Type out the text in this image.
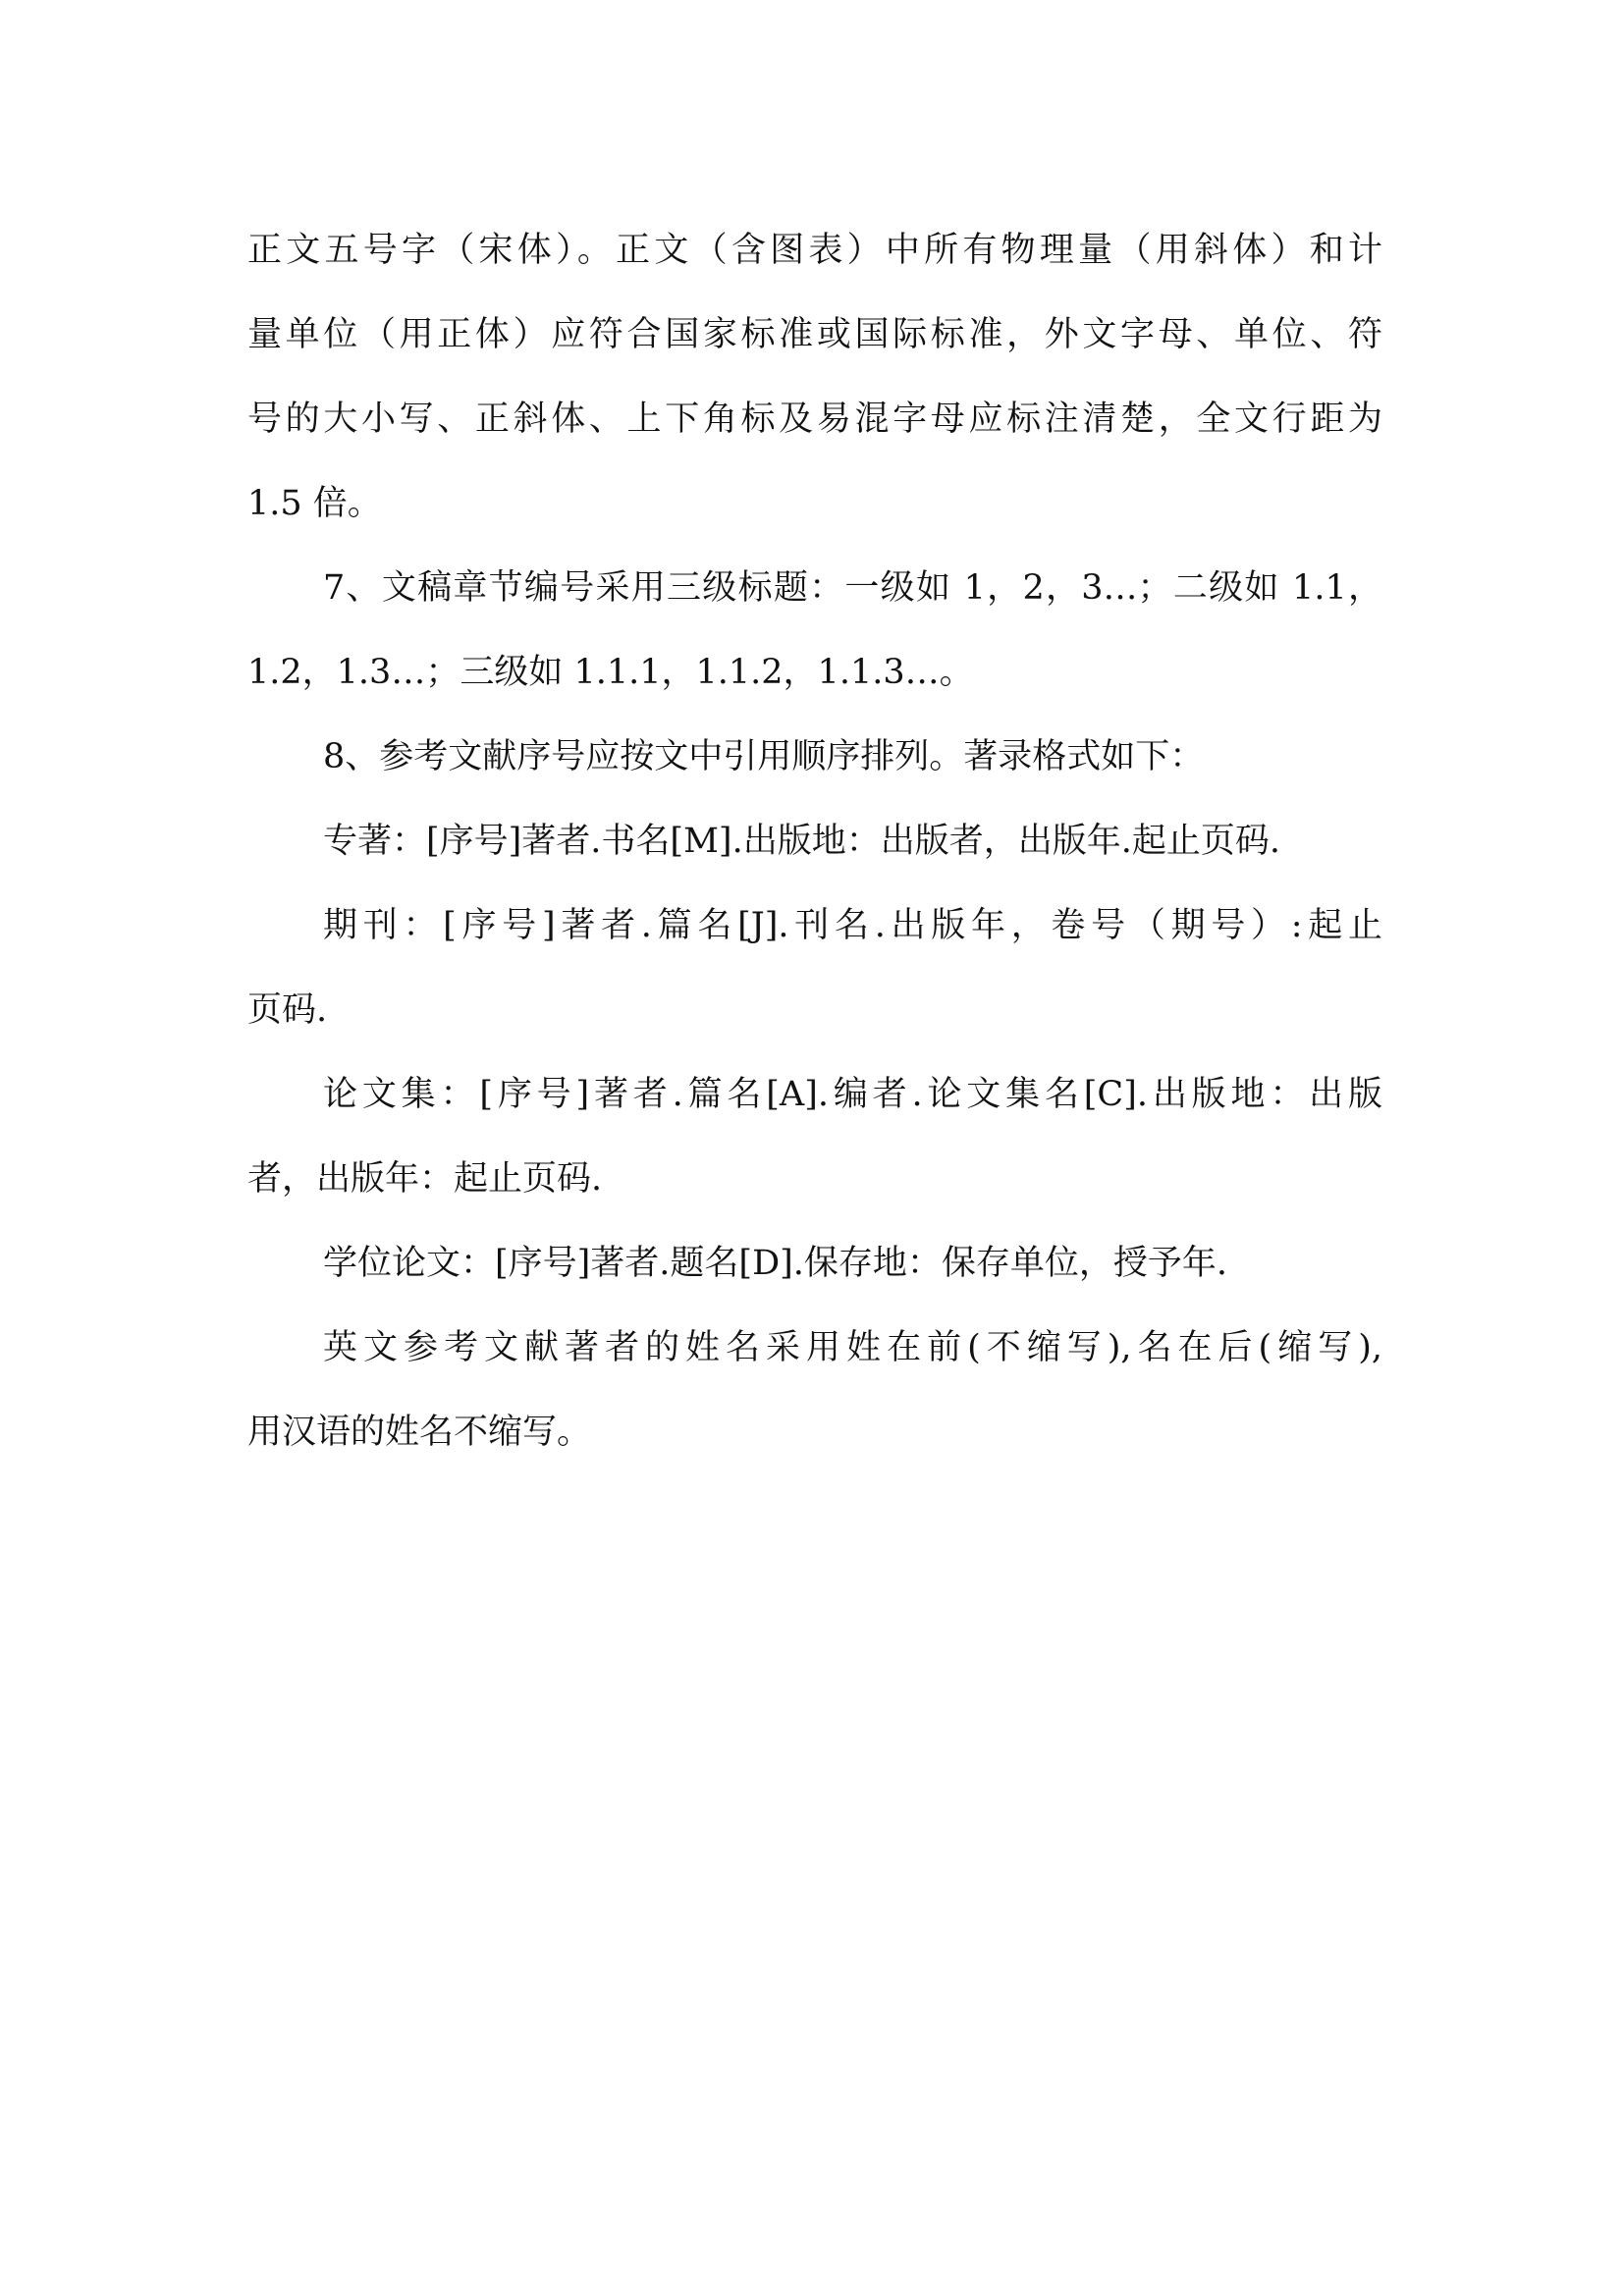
正文五号字（宋体）。正文（含图表）中所有物理量（用斜体）和计
量单位（用正体）应符合国家标准或国际标准，外文字母、单位、符
号的大小写、正斜体、上下角标及易混字母应标注清楚，全文行距为
1.5 倍。
7、文稿章节编号采用三级标题：一级如 1，2，3…；二级如 1.1，
1.2，1.3…；三级如 1.1.1，1.1.2，1.1.3…。
8、参考文献序号应按文中引用顺序排列。著录格式如下：
专著：[序号]著者.书名[M].出版地：出版者，出版年.起止页码.
期刊：[序号]著者.篇名[J].刊名.出版年，卷号（期号）:起止
页码.
论文集：[序号]著者.篇名[A].编者.论文集名[C].出版地：出版
者，出版年：起止页码.
学位论文：[序号]著者.题名[D].保存地：保存单位，授予年.
英文参考文献著者的姓名采用姓在前(不缩写),名在后(缩写),
用汉语的姓名不缩写。
